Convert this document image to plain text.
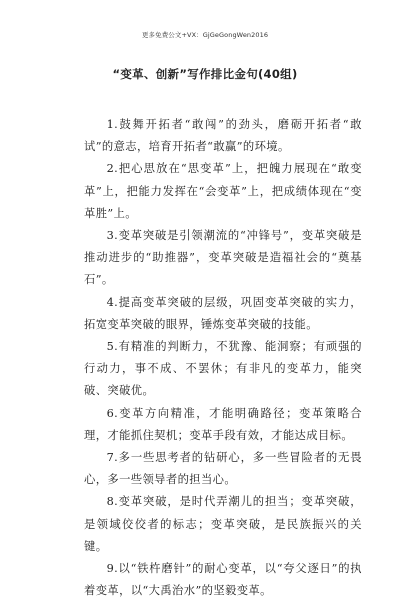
更多免费公文+VX：GjGeGongWen2016
“变革、创新”写作排比金句(40组)

1.鼓舞开拓者“敢闯”的劲头，磨砺开拓者“敢试”的意志，培育开拓者“敢赢”的环境。

2.把心思放在“思变革”上，把魄力展现在“敢变革”上，把能力发挥在“会变革”上，把成绩体现在“变革胜”上。

3.变革突破是引领潮流的“冲锋号”，变革突破是推动进步的“助推器”，变革突破是造福社会的“奠基石”。

4.提高变革突破的层级，巩固变革突破的实力，拓宽变革突破的眼界，锤炼变革突破的技能。

5.有精准的判断力，不犹豫、能洞察；有顽强的行动力，事不成、不罢休；有非凡的变革力，能突破、突破优。

6.变革方向精准，才能明确路径；变革策略合理，才能抓住契机；变革手段有效，才能达成目标。

7.多一些思考者的钻研心，多一些冒险者的无畏心，多一些领导者的担当心。

8.变革突破，是时代弄潮儿的担当；变革突破，是领域佼佼者的标志；变革突破，是民族振兴的关键。

9.以“铁杵磨针”的耐心变革，以“夸父逐日”的执着变革，以“大禹治水”的坚毅变革。
